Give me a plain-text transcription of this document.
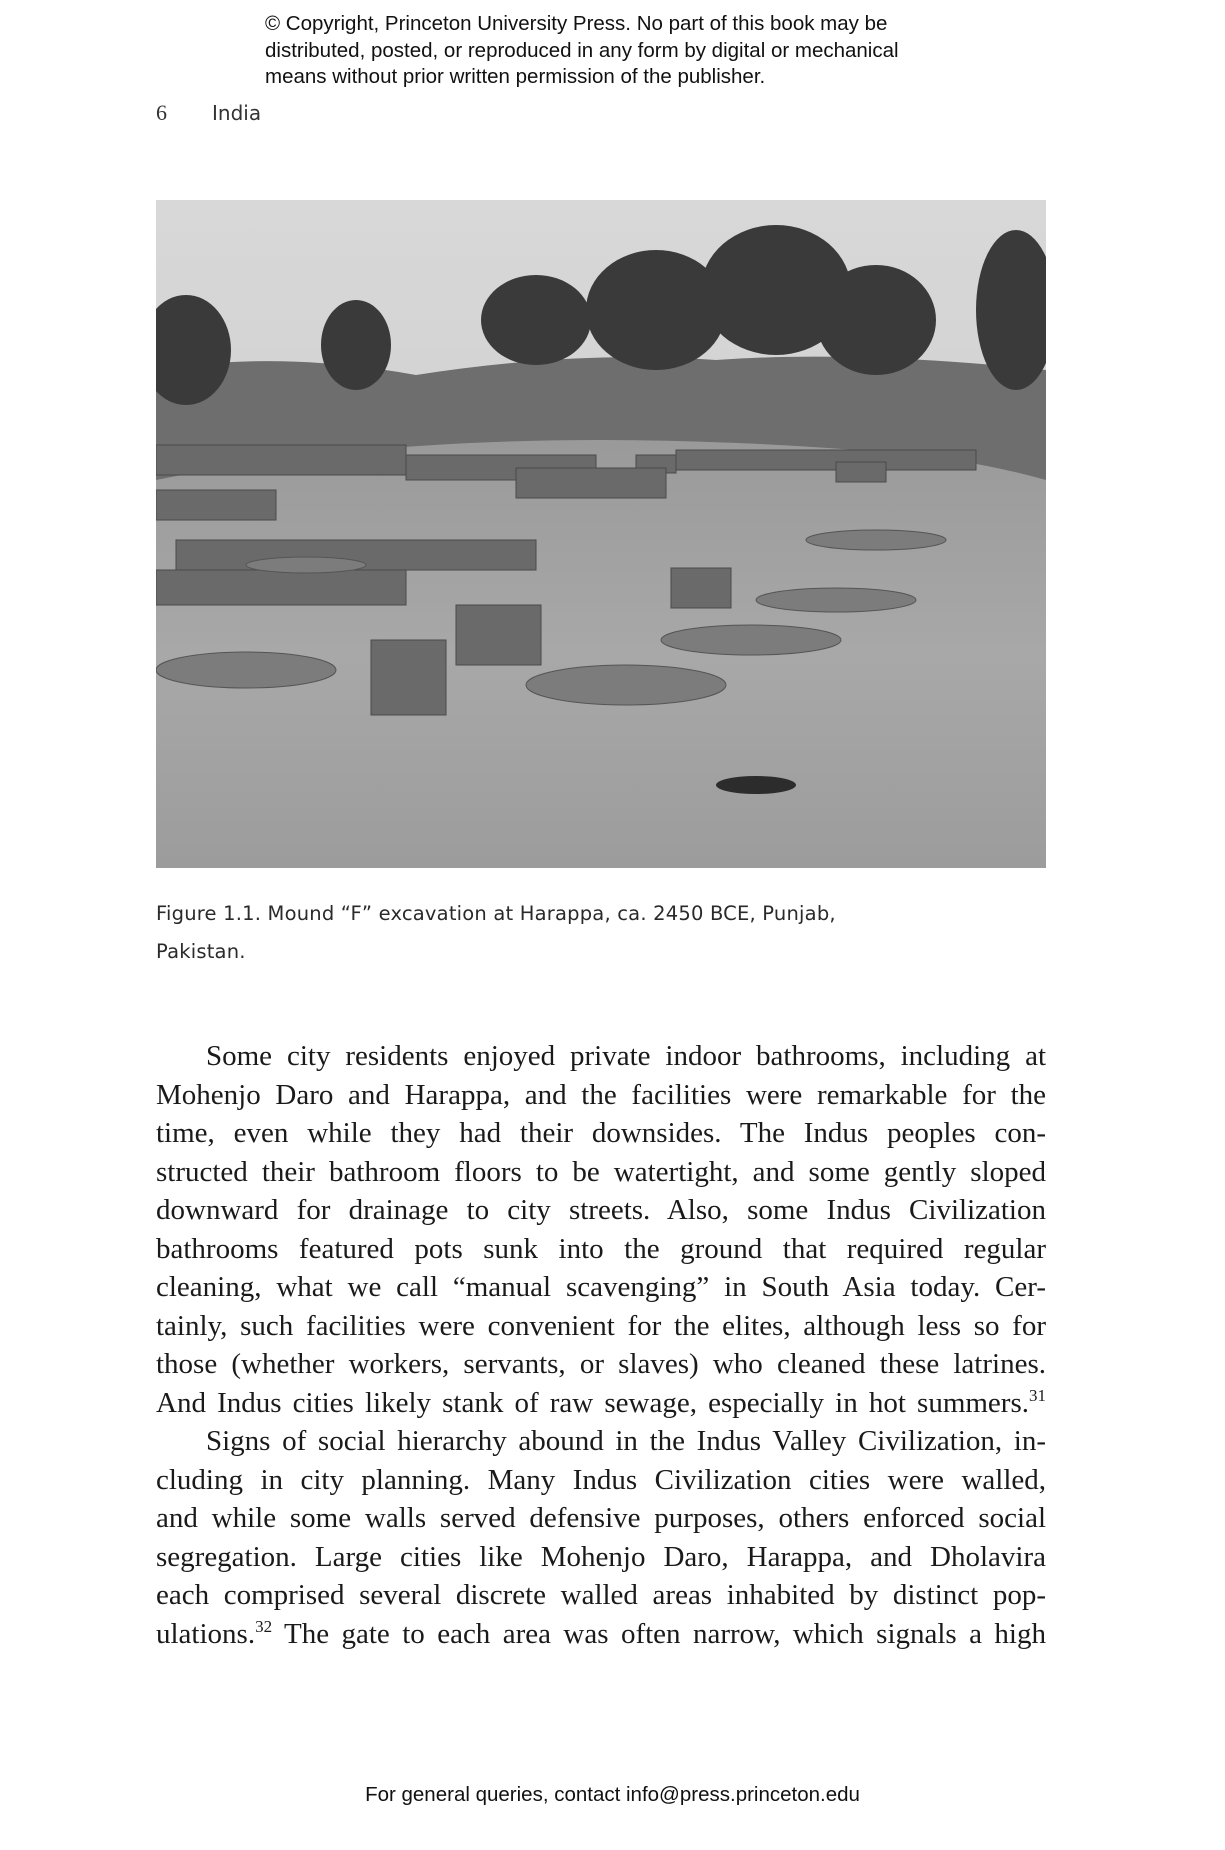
© Copyright, Princeton University Press. No part of this book may be
distributed, posted, or reproduced in any form by digital or mechanical
means without prior written permission of the publisher.
6 India
Figure 1.1. Mound “F” excavation at Harappa, ca. 2450 BCE, Punjab,
Pakistan.
Some city residents enjoyed private indoor bathrooms, including at
Mohenjo Daro and Harappa, and the facilities were remarkable for the
time, even while they had their downsides. The Indus peoples con-
structed their bathroom floors to be watertight, and some gently sloped
downward for drainage to city streets. Also, some Indus Civilization
bathrooms featured pots sunk into the ground that required regular
cleaning, what we call “manual scavenging” in South Asia today. Cer-
tainly, such facilities were convenient for the elites, although less so for
those (whether workers, servants, or slaves) who cleaned these latrines.
And Indus cities likely stank of raw sewage, especially in hot summers.$^{31}$
Signs of social hierarchy abound in the Indus Valley Civilization, in-
cluding in city planning. Many Indus Civilization cities were walled,
and while some walls served defensive purposes, others enforced social
segregation. Large cities like Mohenjo Daro, Harappa, and Dholavira
each comprised several discrete walled areas inhabited by distinct pop-
ulations.$^{32}$ The gate to each area was often narrow, which signals a high
For general queries, contact info@press.princeton.edu
